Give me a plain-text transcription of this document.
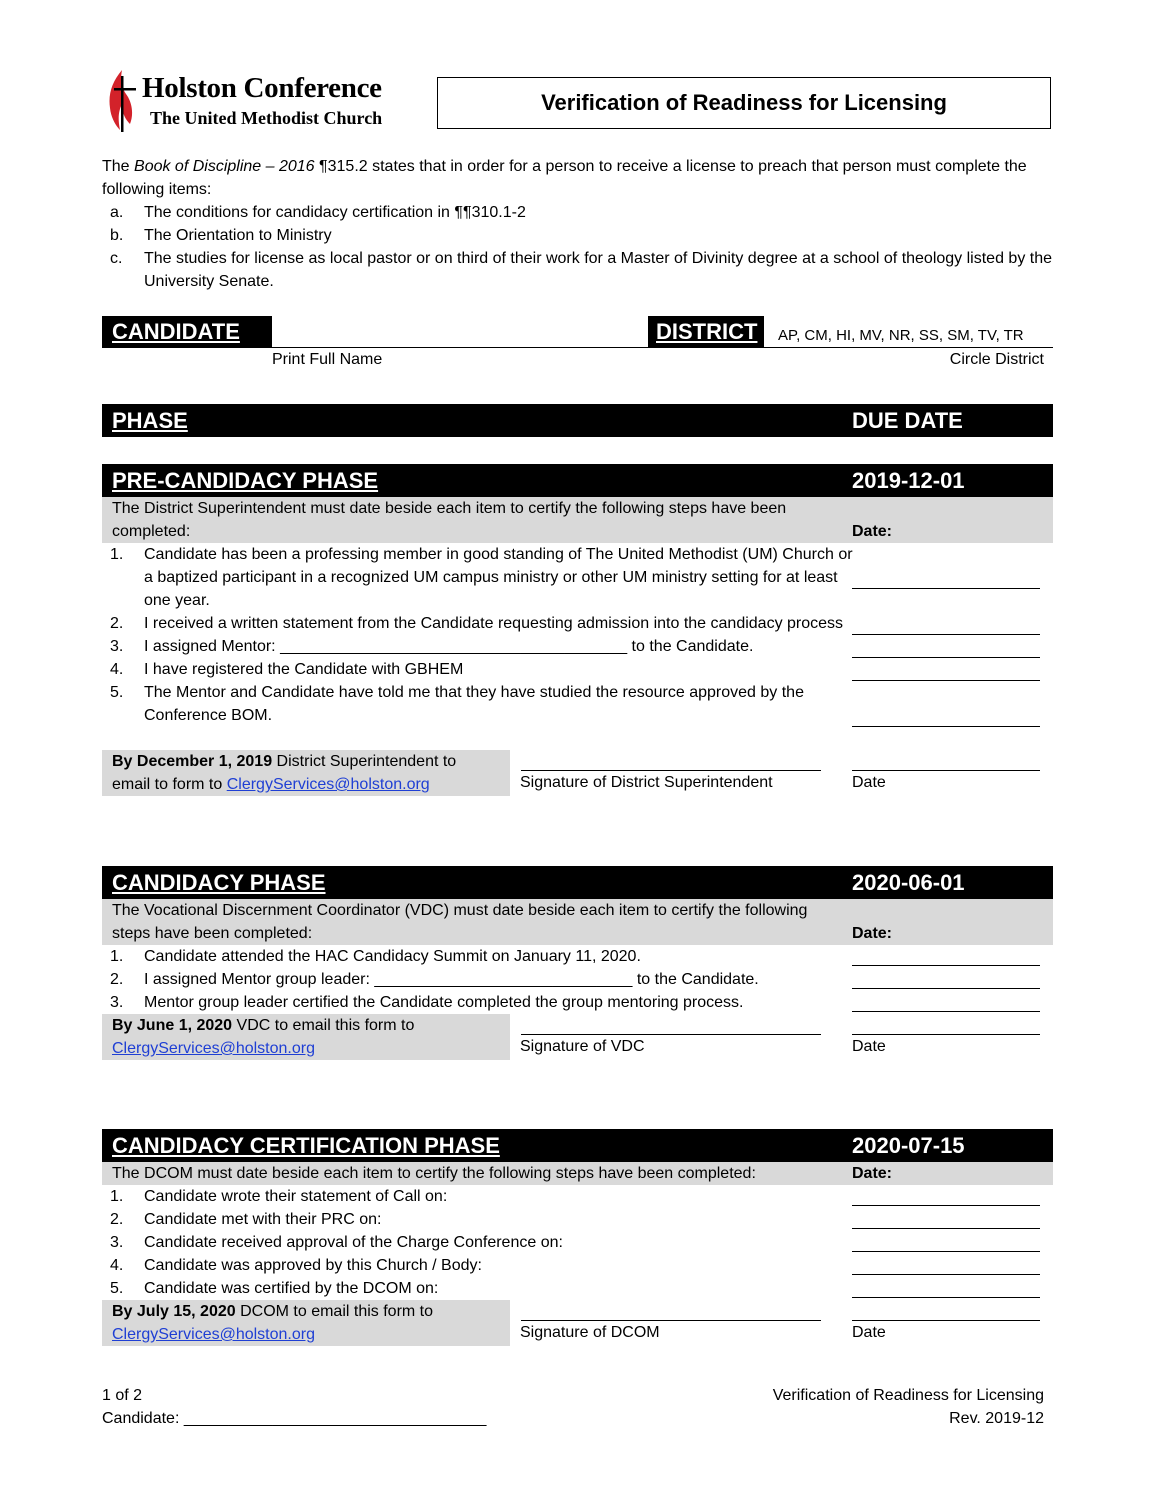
Holston Conference
The United Methodist Church
Verification of Readiness for Licensing

The Book of Discipline – 2016 ¶315.2 states that in order for a person to receive a license to preach that person must complete the following items:

a. The conditions for candidacy certification in ¶¶310.1-2
b. The Orientation to Ministry
c. The studies for license as local pastor or on third of their work for a Master of Divinity degree at a school of theology listed by the University Senate.
CANDIDATE	DISTRICT	AP, CM, HI, MV, NR, SS, SM, TV, TR
Print Full Name	Circle District
PHASE	DUE DATE
PRE-CANDIDACY PHASE	2019-12-01
The District Superintendent must date beside each item to certify the following steps have been completed:	Date:
1. Candidate has been a professing member in good standing of The United Methodist (UM) Church or a baptized participant in a recognized UM campus ministry or other UM ministry setting for at least one year.
2. I received a written statement from the Candidate requesting admission into the candidacy process
3. I assigned Mentor: _______________________________________ to the Candidate.
4. I have registered the Candidate with GBHEM
5. The Mentor and Candidate have told me that they have studied the resource approved by the Conference BOM.
By December 1, 2019 District Superintendent to
email to form to ClergyServices@holston.org	Signature of District Superintendent	Date
CANDIDACY PHASE	2020-06-01
The Vocational Discernment Coordinator (VDC) must date beside each item to certify the following steps have been completed:	Date:
1. Candidate attended the HAC Candidacy Summit on January 11, 2020.
2. I assigned Mentor group leader: _____________________________ to the Candidate.
3. Mentor group leader certified the Candidate completed the group mentoring process.
By June 1, 2020 VDC to email this form to
ClergyServices@holston.org	Signature of VDC	Date
CANDIDACY CERTIFICATION PHASE	2020-07-15
The DCOM must date beside each item to certify the following steps have been completed:	Date:
1. Candidate wrote their statement of Call on:
2. Candidate met with their PRC on:
3. Candidate received approval of the Charge Conference on:
4. Candidate was approved by this Church / Body:
5. Candidate was certified by the DCOM on:
By July 15, 2020 DCOM to email this form to
ClergyServices@holston.org	Signature of DCOM	Date
1 of 2
Candidate: __________________________________
Verification of Readiness for Licensing
Rev. 2019-12
